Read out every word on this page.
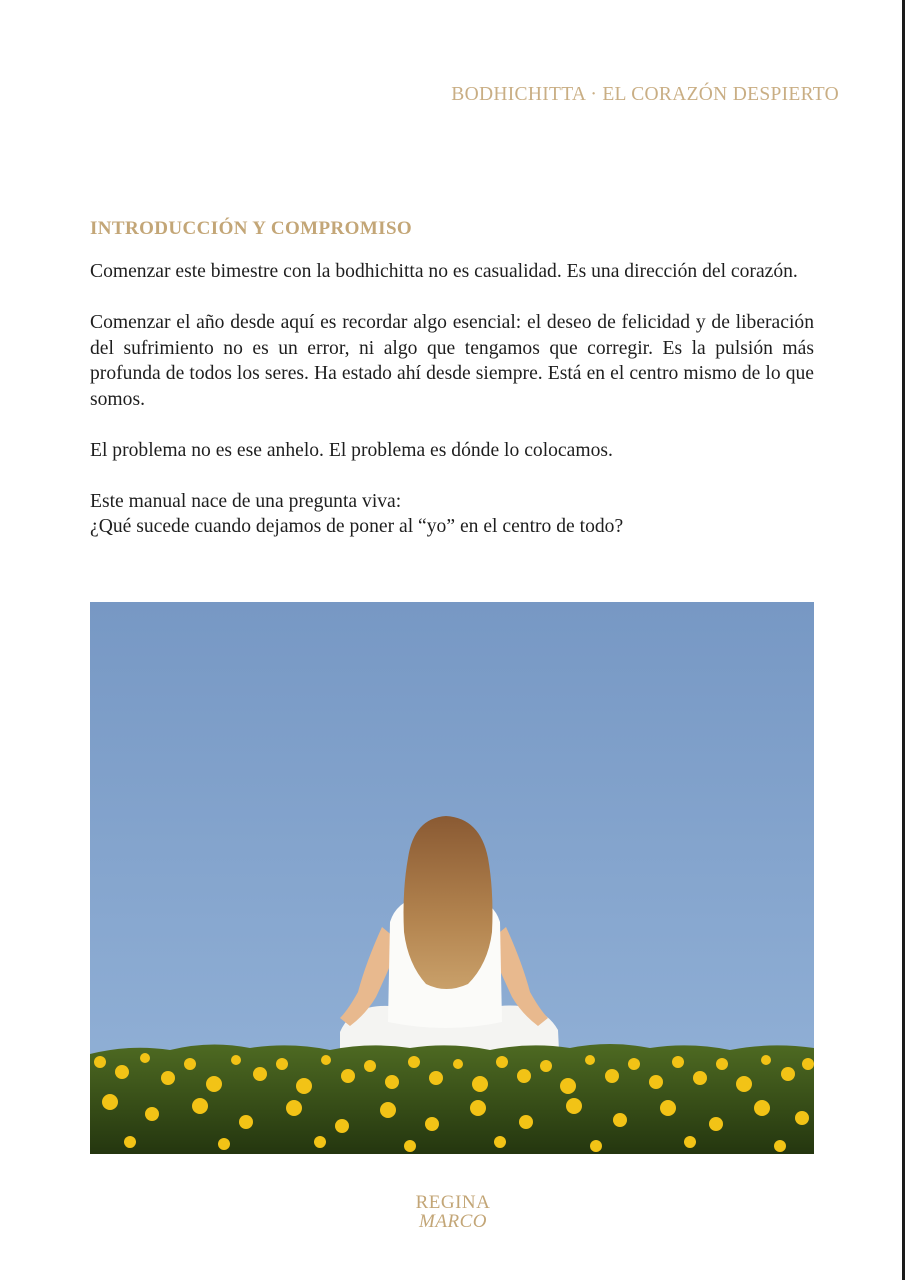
BODHICHITTA · EL CORAZÓN DESPIERTO
INTRODUCCIÓN Y COMPROMISO

Comenzar este bimestre con la bodhichitta no es casualidad. Es una dirección del corazón.

Comenzar el año desde aquí es recordar algo esencial: el deseo de felicidad y de liberación del sufrimiento no es un error, ni algo que tengamos que corregir. Es la pulsión más profunda de todos los seres. Ha estado ahí desde siempre. Está en el centro mismo de lo que somos.

El problema no es ese anhelo. El problema es dónde lo colocamos.

Este manual nace de una pregunta viva:
¿Qué sucede cuando dejamos de poner al “yo” en el centro de todo?

REGINA
MARCO
